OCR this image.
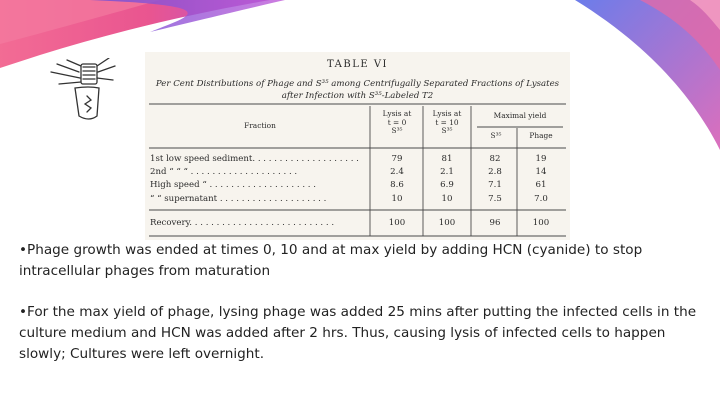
TABLE VI
Per Cent Distributions of Phage and S³⁵ among Centrifugally Separated Fractions of Lysates
after Infection with S³⁵-Labeled T2
Fraction
Lysis at
t = 0
S³⁵
Lysis at
t = 10
S³⁵
Maximal yield
S³⁵	Phage
1st low speed sediment. . . . . . . . . . . . . . . . . . . .	79	81	82	19
2nd “ “ “ . . . . . . . . . . . . . . . . . . . .	2.4	2.1	2.8	14
High speed “ . . . . . . . . . . . . . . . . . . . .	8.6	6.9	7.1	61
“ “ supernatant . . . . . . . . . . . . . . . . . . . .	10	10	7.5	7.0
Recovery. . . . . . . . . . . . . . . . . . . . . . . . . . .	100	100	96	100
•Phage growth was ended at times 0, 10 and at max yield by adding HCN (cyanide) to stop intracellular phages from maturation
•For the max yield of phage, lysing phage was added 25 mins after putting the infected cells in the culture medium and HCN was added after 2 hrs. Thus, causing lysis of infected cells to happen slowly; Cultures were left overnight.
